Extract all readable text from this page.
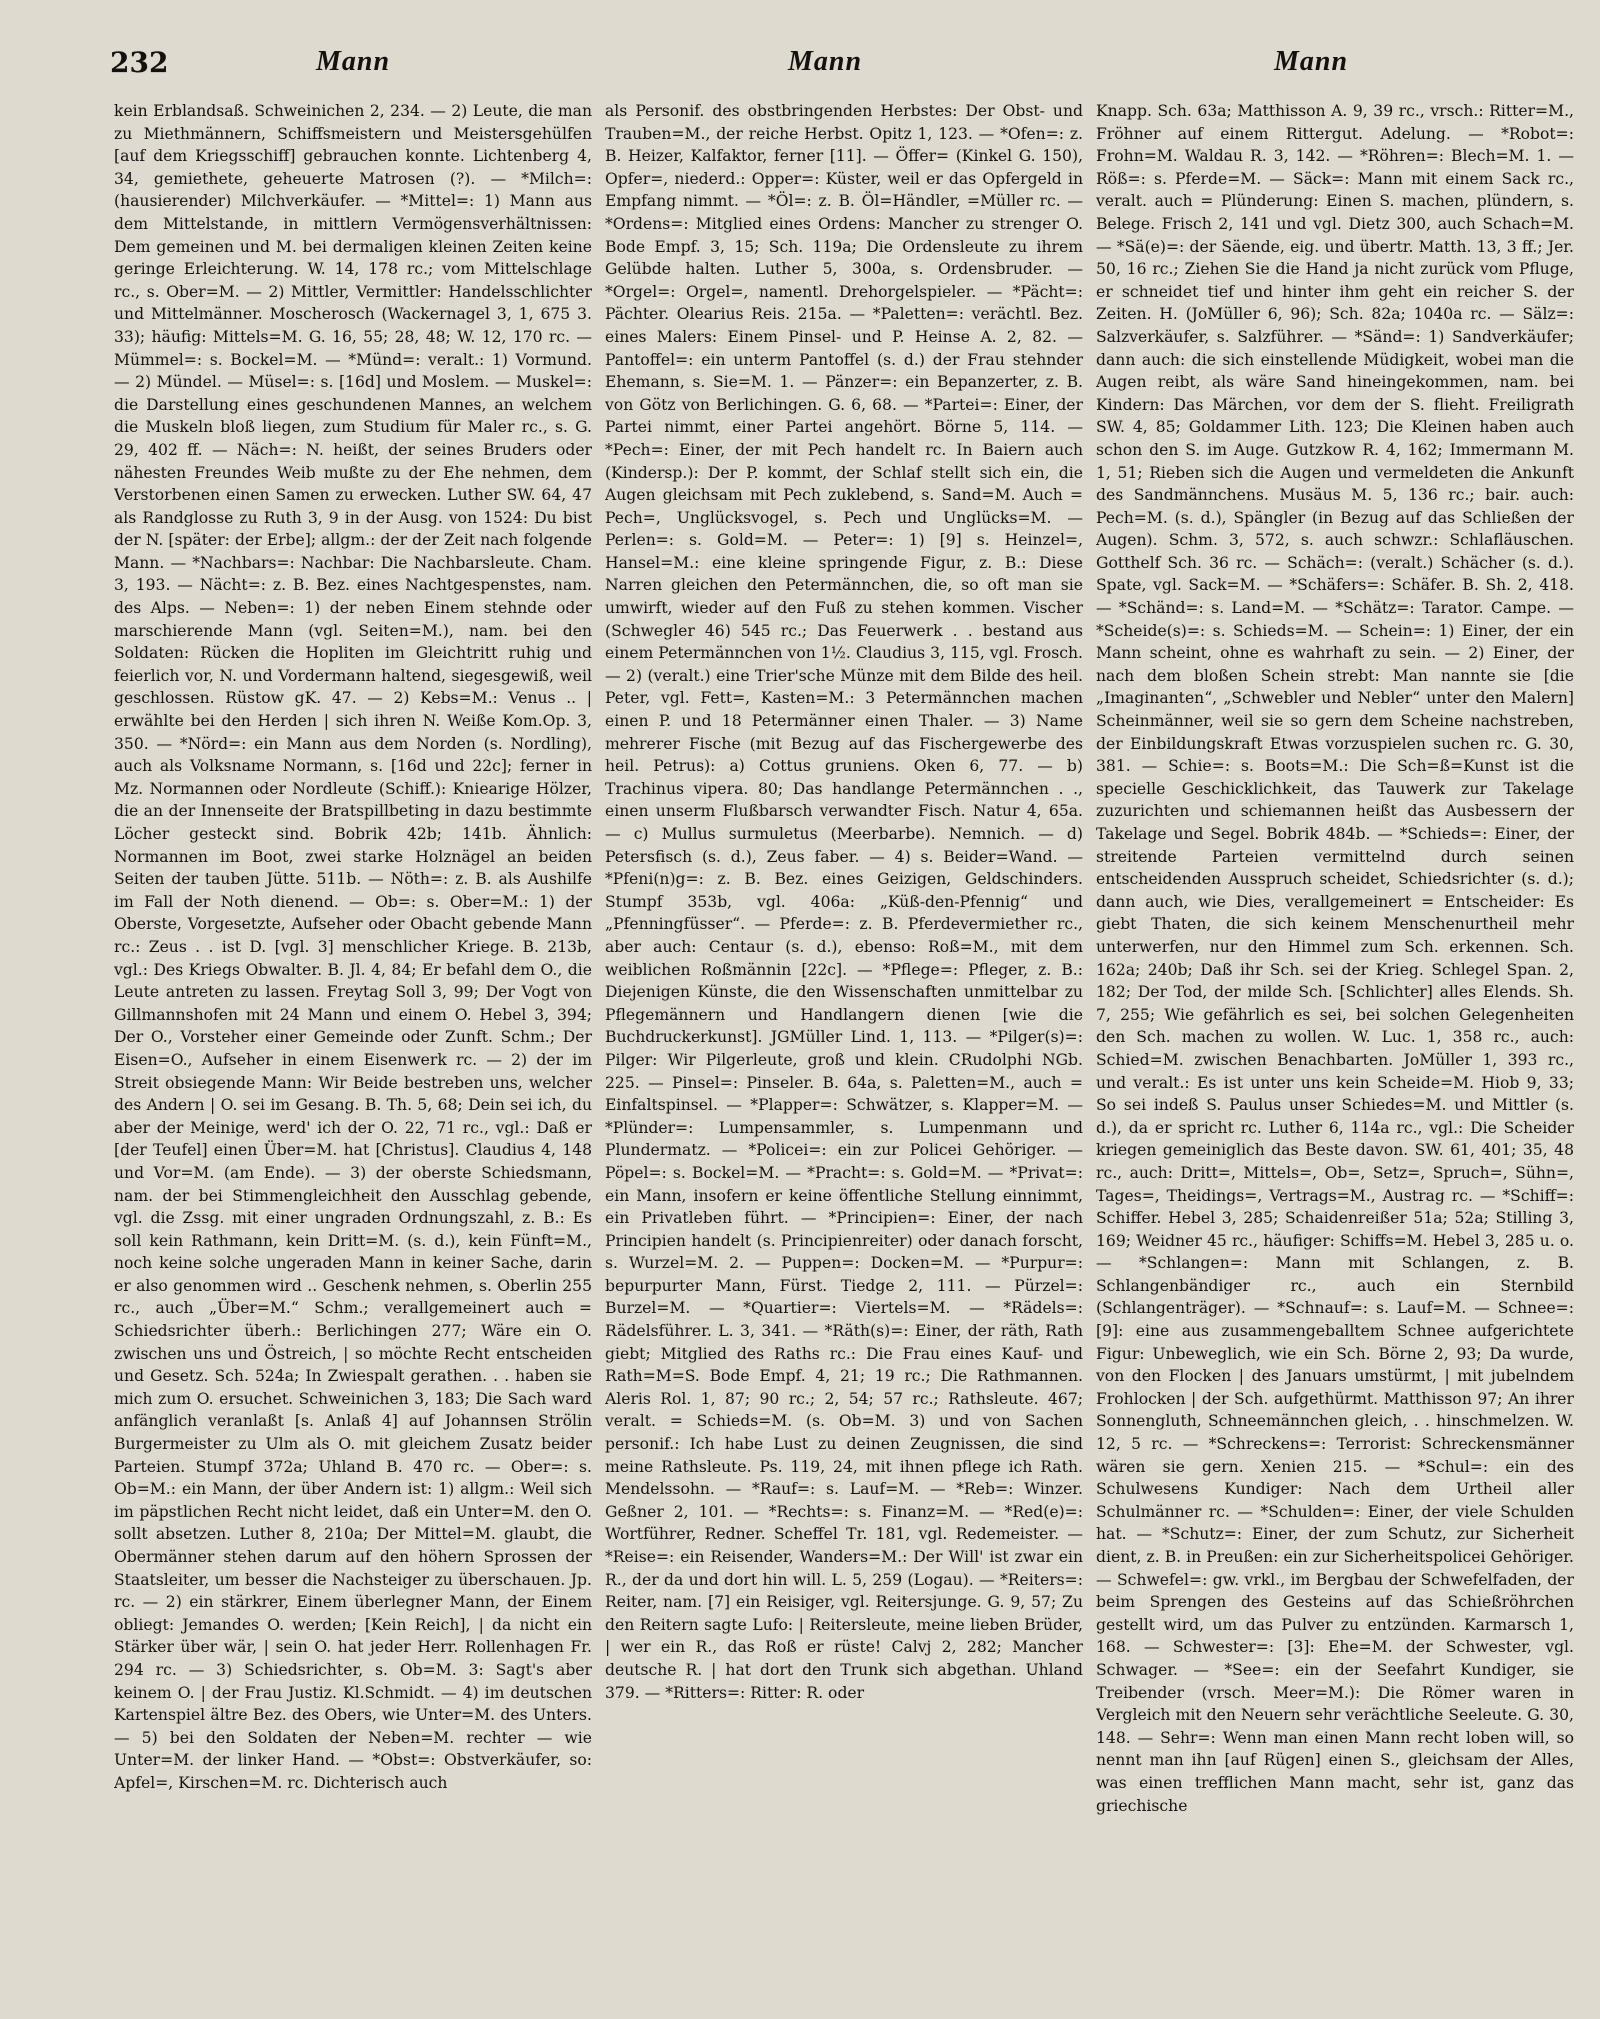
232	Mann	Mann	Mann

kein Erblandsaß. Schweinichen 2, 234. — 2) Leute, die man zu Miethmännern, Schiffsmeistern und Meistersgehülfen [auf dem Kriegsschiff] gebrauchen konnte. Lichtenberg 4, 34, gemiethete, geheuerte Matrosen (?). — *Milch=: (hausierender) Milchverkäufer. — *Mittel=: 1) Mann aus dem Mittelstande, in mittlern Vermögensverhältnissen: Dem gemeinen und M. bei dermaligen kleinen Zeiten keine geringe Erleichterung. W. 14, 178 rc.; vom Mittelschlage rc., s. Ober=M. — 2) Mittler, Vermittler: Handelsschlichter und Mittelmänner. Moscherosch (Wackernagel 3, 1, 675 3. 33); häufig: Mittels=M. G. 16, 55; 28, 48; W. 12, 170 rc. — Mümmel=: s. Bockel=M. — *Münd=: veralt.: 1) Vormund. — 2) Mündel. — Müsel=: s. [16d] und Moslem. — Muskel=: die Darstellung eines geschundenen Mannes, an welchem die Muskeln bloß liegen, zum Studium für Maler rc., s. G. 29, 402 ff. — Näch=: N. heißt, der seines Bruders oder nähesten Freundes Weib mußte zu der Ehe nehmen, dem Verstorbenen einen Samen zu erwecken. Luther SW. 64, 47 als Randglosse zu Ruth 3, 9 in der Ausg. von 1524: Du bist der N. [später: der Erbe]; allgm.: der der Zeit nach folgende Mann. — *Nachbars=: Nachbar: Die Nachbarsleute. Cham. 3, 193. — Nächt=: z. B. Bez. eines Nachtgespenstes, nam. des Alps. — Neben=: 1) der neben Einem stehnde oder marschierende Mann (vgl. Seiten=M.), nam. bei den Soldaten: Rücken die Hopliten im Gleichtritt ruhig und feierlich vor, N. und Vordermann haltend, siegesgewiß, weil geschlossen. Rüstow gK. 47. — 2) Kebs=M.: Venus .. | erwählte bei den Herden | sich ihren N. Weiße Kom.Op. 3, 350. — *Nörd=: ein Mann aus dem Norden (s. Nordling), auch als Volksname Normann, s. [16d und 22c]; ferner in Mz. Normannen oder Nordleute (Schiff.): Kniearige Hölzer, die an der Innenseite der Bratspillbeting in dazu bestimmte Löcher gesteckt sind. Bobrik 42b; 141b. Ähnlich: Normannen im Boot, zwei starke Holznägel an beiden Seiten der tauben Jütte. 511b. — Nöth=: z. B. als Aushilfe im Fall der Noth dienend. — Ob=: s. Ober=M.: 1) der Oberste, Vorgesetzte, Aufseher oder Obacht gebende Mann rc.: Zeus . . ist D. [vgl. 3] menschlicher Kriege. B. 213b, vgl.: Des Kriegs Obwalter. B. Jl. 4, 84; Er befahl dem O., die Leute antreten zu lassen. Freytag Soll 3, 99; Der Vogt von Gillmannshofen mit 24 Mann und einem O. Hebel 3, 394; Der O., Vorsteher einer Gemeinde oder Zunft. Schm.; Der Eisen=O., Aufseher in einem Eisenwerk rc. — 2) der im Streit obsiegende Mann: Wir Beide bestreben uns, welcher des Andern | O. sei im Gesang. B. Th. 5, 68; Dein sei ich, du aber der Meinige, werd' ich der O. 22, 71 rc., vgl.: Daß er [der Teufel] einen Über=M. hat [Christus]. Claudius 4, 148 und Vor=M. (am Ende). — 3) der oberste Schiedsmann, nam. der bei Stimmengleichheit den Ausschlag gebende, vgl. die Zssg. mit einer ungraden Ordnungszahl, z. B.: Es soll kein Rathmann, kein Dritt=M. (s. d.), kein Fünft=M., noch keine solche ungeraden Mann in keiner Sache, darin er also genommen wird .. Geschenk nehmen, s. Oberlin 255 rc., auch „Über=M.“ Schm.; verallgemeinert auch = Schiedsrichter überh.: Berlichingen 277; Wäre ein O. zwischen uns und Östreich, | so möchte Recht entscheiden und Gesetz. Sch. 524a; In Zwiespalt gerathen. . . haben sie mich zum O. ersuchet. Schweinichen 3, 183; Die Sach ward anfänglich veranlaßt [s. Anlaß 4] auf Johannsen Strölin Burgermeister zu Ulm als O. mit gleichem Zusatz beider Parteien. Stumpf 372a; Uhland B. 470 rc. — Ober=: s. Ob=M.: ein Mann, der über Andern ist: 1) allgm.: Weil sich im päpstlichen Recht nicht leidet, daß ein Unter=M. den O. sollt absetzen. Luther 8, 210a; Der Mittel=M. glaubt, die Obermänner stehen darum auf den höhern Sprossen der Staatsleiter, um besser die Nachsteiger zu überschauen. Jp. rc. — 2) ein stärkrer, Einem überlegner Mann, der Einem obliegt: Jemandes O. werden; [Kein Reich], | da nicht ein Stärker über wär, | sein O. hat jeder Herr. Rollenhagen Fr. 294 rc. — 3) Schiedsrichter, s. Ob=M. 3: Sagt's aber keinem O. | der Frau Justiz. Kl.Schmidt. — 4) im deutschen Kartenspiel ältre Bez. des Obers, wie Unter=M. des Unters. — 5) bei den Soldaten der Neben=M. rechter — wie Unter=M. der linker Hand. — *Obst=: Obstverkäufer, so: Apfel=, Kirschen=M. rc. Dichterisch auch

als Personif. des obstbringenden Herbstes: Der Obst- und Trauben=M., der reiche Herbst. Opitz 1, 123. — *Ofen=: z. B. Heizer, Kalfaktor, ferner [11]. — Öffer= (Kinkel G. 150), Opfer=, niederd.: Opper=: Küster, weil er das Opfergeld in Empfang nimmt. — *Öl=: z. B. Öl=Händler, =Müller rc. — *Ordens=: Mitglied eines Ordens: Mancher zu strenger O. Bode Empf. 3, 15; Sch. 119a; Die Ordensleute zu ihrem Gelübde halten. Luther 5, 300a, s. Ordensbruder. — *Orgel=: Orgel=, namentl. Drehorgelspieler. — *Pächt=: Pächter. Olearius Reis. 215a. — *Paletten=: verächtl. Bez. eines Malers: Einem Pinsel- und P. Heinse A. 2, 82. — Pantoffel=: ein unterm Pantoffel (s. d.) der Frau stehnder Ehemann, s. Sie=M. 1. — Pänzer=: ein Bepanzerter, z. B. von Götz von Berlichingen. G. 6, 68. — *Partei=: Einer, der Partei nimmt, einer Partei angehört. Börne 5, 114. — *Pech=: Einer, der mit Pech handelt rc. In Baiern auch (Kindersp.): Der P. kommt, der Schlaf stellt sich ein, die Augen gleichsam mit Pech zuklebend, s. Sand=M. Auch = Pech=, Unglücksvogel, s. Pech und Unglücks=M. — Perlen=: s. Gold=M. — Peter=: 1) [9] s. Heinzel=, Hansel=M.: eine kleine springende Figur, z. B.: Diese Narren gleichen den Petermännchen, die, so oft man sie umwirft, wieder auf den Fuß zu stehen kommen. Vischer (Schwegler 46) 545 rc.; Das Feuerwerk . . bestand aus einem Petermännchen von 1½. Claudius 3, 115, vgl. Frosch. — 2) (veralt.) eine Trier'sche Münze mit dem Bilde des heil. Peter, vgl. Fett=, Kasten=M.: 3 Petermännchen machen einen P. und 18 Petermänner einen Thaler. — 3) Name mehrerer Fische (mit Bezug auf das Fischergewerbe des heil. Petrus): a) Cottus gruniens. Oken 6, 77. — b) Trachinus vipera. 80; Das handlange Petermännchen . ., einen unserm Flußbarsch verwandter Fisch. Natur 4, 65a. — c) Mullus surmuletus (Meerbarbe). Nemnich. — d) Petersfisch (s. d.), Zeus faber. — 4) s. Beider=Wand. — *Pfeni(n)g=: z. B. Bez. eines Geizigen, Geldschinders. Stumpf 353b, vgl. 406a: „Küß-den-Pfennig“ und „Pfenningfüsser“. — Pferde=: z. B. Pferdevermiether rc., aber auch: Centaur (s. d.), ebenso: Roß=M., mit dem weiblichen Roßmännin [22c]. — *Pflege=: Pfleger, z. B.: Diejenigen Künste, die den Wissenschaften unmittelbar zu Pflegemännern und Handlangern dienen [wie die Buchdruckerkunst]. JGMüller Lind. 1, 113. — *Pilger(s)=: Pilger: Wir Pilgerleute, groß und klein. CRudolphi NGb. 225. — Pinsel=: Pinseler. B. 64a, s. Paletten=M., auch = Einfaltspinsel. — *Plapper=: Schwätzer, s. Klapper=M. — *Plünder=: Lumpensammler, s. Lumpenmann und Plundermatz. — *Policei=: ein zur Policei Gehöriger. — Pöpel=: s. Bockel=M. — *Pracht=: s. Gold=M. — *Privat=: ein Mann, insofern er keine öffentliche Stellung einnimmt, ein Privatleben führt. — *Principien=: Einer, der nach Principien handelt (s. Principienreiter) oder danach forscht, s. Wurzel=M. 2. — Puppen=: Docken=M. — *Purpur=: bepurpurter Mann, Fürst. Tiedge 2, 111. — Pürzel=: Burzel=M. — *Quartier=: Viertels=M. — *Rädels=: Rädelsführer. L. 3, 341. — *Räth(s)=: Einer, der räth, Rath giebt; Mitglied des Raths rc.: Die Frau eines Kauf- und Rath=M=S. Bode Empf. 4, 21; 19 rc.; Die Rathmannen. Aleris Rol. 1, 87; 90 rc.; 2, 54; 57 rc.; Rathsleute. 467; veralt. = Schieds=M. (s. Ob=M. 3) und von Sachen personif.: Ich habe Lust zu deinen Zeugnissen, die sind meine Rathsleute. Ps. 119, 24, mit ihnen pflege ich Rath. Mendelssohn. — *Rauf=: s. Lauf=M. — *Reb=: Winzer. Geßner 2, 101. — *Rechts=: s. Finanz=M. — *Red(e)=: Wortführer, Redner. Scheffel Tr. 181, vgl. Redemeister. — *Reise=: ein Reisender, Wanders=M.: Der Will' ist zwar ein R., der da und dort hin will. L. 5, 259 (Logau). — *Reiters=: Reiter, nam. [7] ein Reisiger, vgl. Reitersjunge. G. 9, 57; Zu den Reitern sagte Lufo: | Reitersleute, meine lieben Brüder, | wer ein R., das Roß er rüste! Calvj 2, 282; Mancher deutsche R. | hat dort den Trunk sich abgethan. Uhland 379. — *Ritters=: Ritter: R. oder

Knapp. Sch. 63a; Matthisson A. 9, 39 rc., vrsch.: Ritter=M., Fröhner auf einem Rittergut. Adelung. — *Robot=: Frohn=M. Waldau R. 3, 142. — *Röhren=: Blech=M. 1. — Röß=: s. Pferde=M. — Säck=: Mann mit einem Sack rc., veralt. auch = Plünderung: Einen S. machen, plündern, s. Belege. Frisch 2, 141 und vgl. Dietz 300, auch Schach=M. — *Sä(e)=: der Säende, eig. und übertr. Matth. 13, 3 ff.; Jer. 50, 16 rc.; Ziehen Sie die Hand ja nicht zurück vom Pfluge, er schneidet tief und hinter ihm geht ein reicher S. der Zeiten. H. (JoMüller 6, 96); Sch. 82a; 1040a rc. — Sälz=: Salzverkäufer, s. Salzführer. — *Sänd=: 1) Sandverkäufer; dann auch: die sich einstellende Müdigkeit, wobei man die Augen reibt, als wäre Sand hineingekommen, nam. bei Kindern: Das Märchen, vor dem der S. flieht. Freiligrath SW. 4, 85; Goldammer Lith. 123; Die Kleinen haben auch schon den S. im Auge. Gutzkow R. 4, 162; Immermann M. 1, 51; Rieben sich die Augen und vermeldeten die Ankunft des Sandmännchens. Musäus M. 5, 136 rc.; bair. auch: Pech=M. (s. d.), Spängler (in Bezug auf das Schließen der Augen). Schm. 3, 572, s. auch schwzr.: Schlafläuschen. Gotthelf Sch. 36 rc. — Schäch=: (veralt.) Schächer (s. d.). Spate, vgl. Sack=M. — *Schäfers=: Schäfer. B. Sh. 2, 418. — *Schänd=: s. Land=M. — *Schätz=: Tarator. Campe. — *Scheide(s)=: s. Schieds=M. — Schein=: 1) Einer, der ein Mann scheint, ohne es wahrhaft zu sein. — 2) Einer, der nach dem bloßen Schein strebt: Man nannte sie [die „Imaginanten“, „Schwebler und Nebler“ unter den Malern] Scheinmänner, weil sie so gern dem Scheine nachstreben, der Einbildungskraft Etwas vorzuspielen suchen rc. G. 30, 381. — Schie=: s. Boots=M.: Die Sch=ß=Kunst ist die specielle Geschicklichkeit, das Tauwerk zur Takelage zuzurichten und schiemannen heißt das Ausbessern der Takelage und Segel. Bobrik 484b. — *Schieds=: Einer, der streitende Parteien vermittelnd durch seinen entscheidenden Ausspruch scheidet, Schiedsrichter (s. d.); dann auch, wie Dies, verallgemeinert = Entscheider: Es giebt Thaten, die sich keinem Menschenurtheil mehr unterwerfen, nur den Himmel zum Sch. erkennen. Sch. 162a; 240b; Daß ihr Sch. sei der Krieg. Schlegel Span. 2, 182; Der Tod, der milde Sch. [Schlichter] alles Elends. Sh. 7, 255; Wie gefährlich es sei, bei solchen Gelegenheiten den Sch. machen zu wollen. W. Luc. 1, 358 rc., auch: Schied=M. zwischen Benachbarten. JoMüller 1, 393 rc., und veralt.: Es ist unter uns kein Scheide=M. Hiob 9, 33; So sei indeß S. Paulus unser Schiedes=M. und Mittler (s. d.), da er spricht rc. Luther 6, 114a rc., vgl.: Die Scheider kriegen gemeiniglich das Beste davon. SW. 61, 401; 35, 48 rc., auch: Dritt=, Mittels=, Ob=, Setz=, Spruch=, Sühn=, Tages=, Theidings=, Vertrags=M., Austrag rc. — *Schiff=: Schiffer. Hebel 3, 285; Schaidenreißer 51a; 52a; Stilling 3, 169; Weidner 45 rc., häufiger: Schiffs=M. Hebel 3, 285 u. o. — *Schlangen=: Mann mit Schlangen, z. B. Schlangenbändiger rc., auch ein Sternbild (Schlangenträger). — *Schnauf=: s. Lauf=M. — Schnee=: [9]: eine aus zusammengeballtem Schnee aufgerichtete Figur: Unbeweglich, wie ein Sch. Börne 2, 93; Da wurde, von den Flocken | des Januars umstürmt, | mit jubelndem Frohlocken | der Sch. aufgethürmt. Matthisson 97; An ihrer Sonnengluth, Schneemännchen gleich, . . hinschmelzen. W. 12, 5 rc. — *Schreckens=: Terrorist: Schreckensmänner wären sie gern. Xenien 215. — *Schul=: ein des Schulwesens Kundiger: Nach dem Urtheil aller Schulmänner rc. — *Schulden=: Einer, der viele Schulden hat. — *Schutz=: Einer, der zum Schutz, zur Sicherheit dient, z. B. in Preußen: ein zur Sicherheitspolicei Gehöriger. — Schwefel=: gw. vrkl., im Bergbau der Schwefelfaden, der beim Sprengen des Gesteins auf das Schießröhrchen gestellt wird, um das Pulver zu entzünden. Karmarsch 1, 168. — Schwester=: [3]: Ehe=M. der Schwester, vgl. Schwager. — *See=: ein der Seefahrt Kundiger, sie Treibender (vrsch. Meer=M.): Die Römer waren in Vergleich mit den Neuern sehr verächtliche Seeleute. G. 30, 148. — Sehr=: Wenn man einen Mann recht loben will, so nennt man ihn [auf Rügen] einen S., gleichsam der Alles, was einen trefflichen Mann macht, sehr ist, ganz das griechische
